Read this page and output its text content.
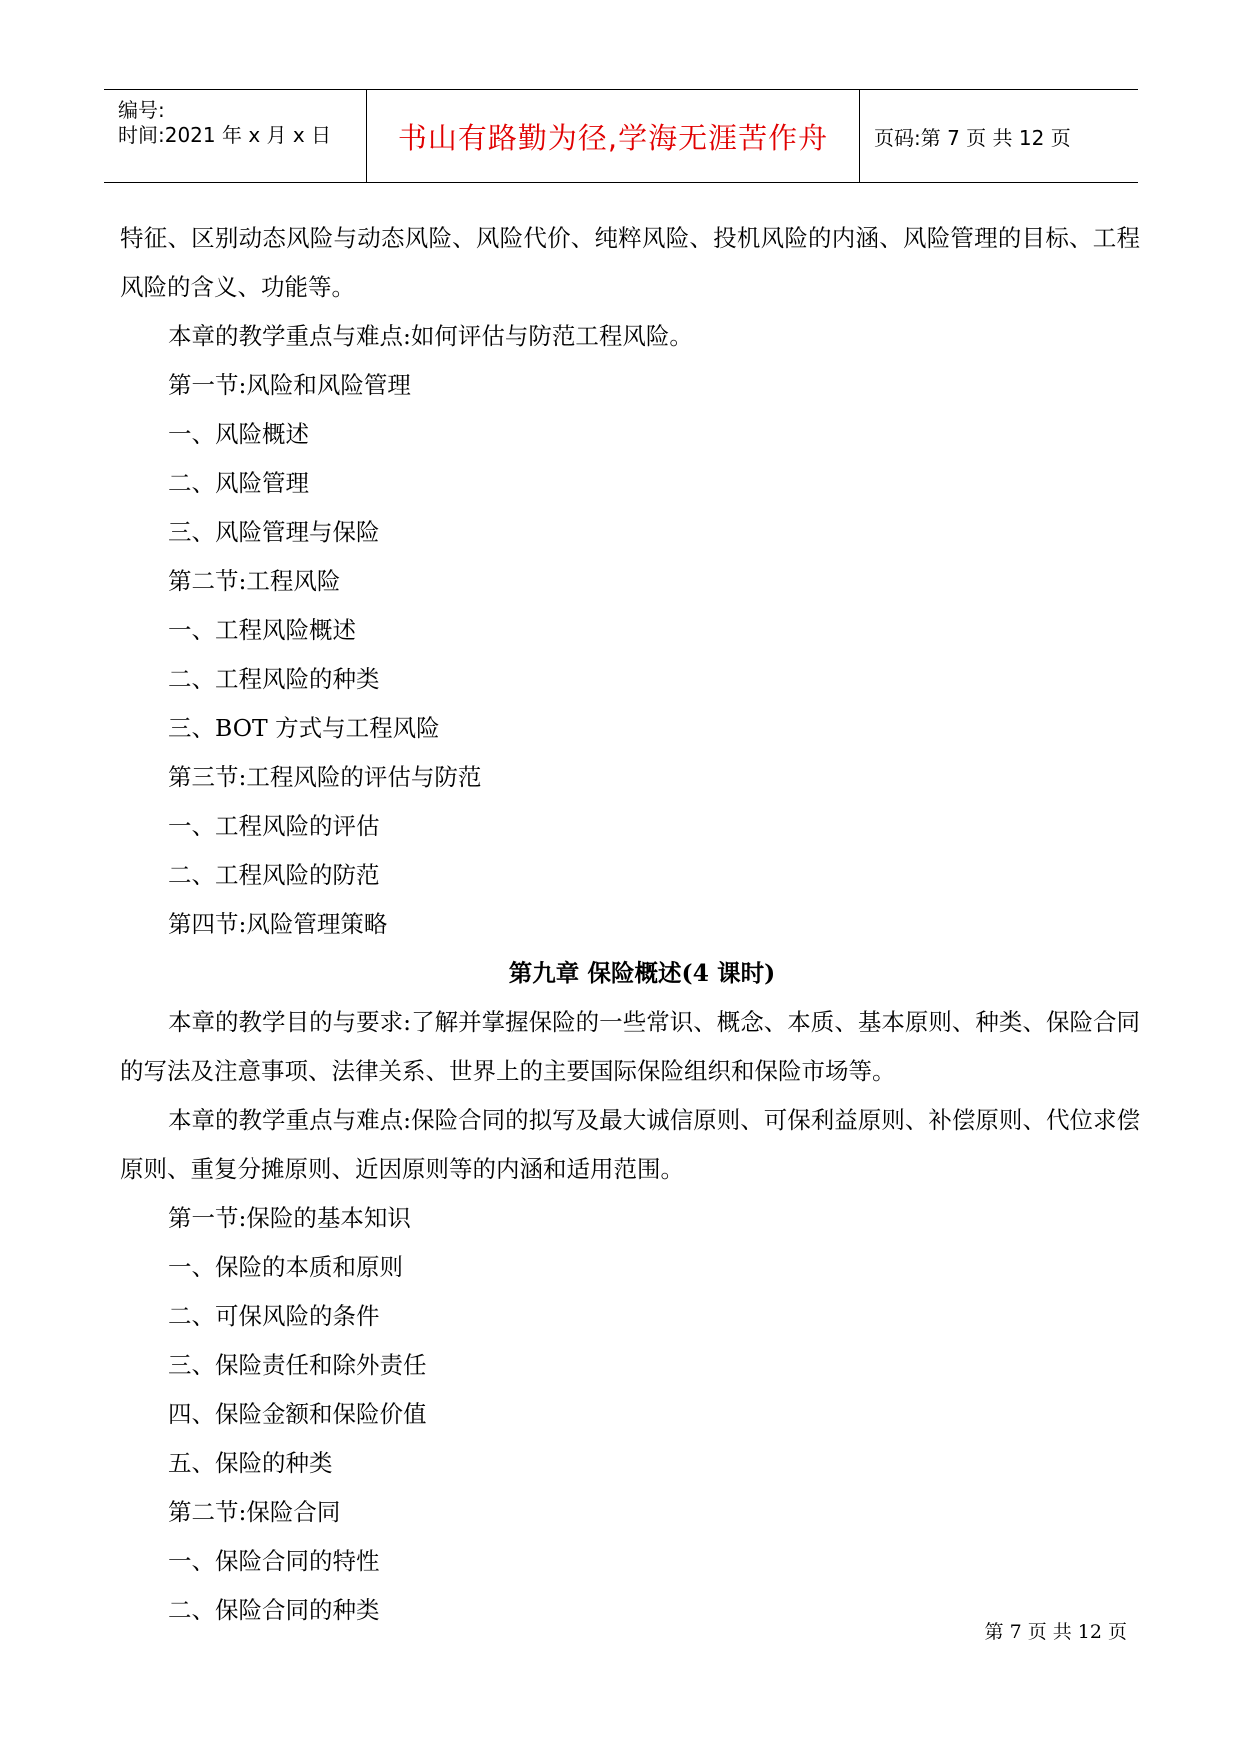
编号:
时间:2021 年 x 月 x 日 书山有路勤为径,学海无涯苦作舟 页码:第 7 页 共 12 页

特征、区别动态风险与动态风险、风险代价、纯粹风险、投机风险的内涵、风险管理的目标、工程风险的含义、功能等。

本章的教学重点与难点:如何评估与防范工程风险。

第一节:风险和风险管理

一、风险概述

二、风险管理

三、风险管理与保险

第二节:工程风险

一、工程风险概述

二、工程风险的种类

三、BOT 方式与工程风险

第三节:工程风险的评估与防范

一、工程风险的评估

二、工程风险的防范

第四节:风险管理策略

第九章 保险概述(4 课时)

本章的教学目的与要求:了解并掌握保险的一些常识、概念、本质、基本原则、种类、保险合同的写法及注意事项、法律关系、世界上的主要国际保险组织和保险市场等。

本章的教学重点与难点:保险合同的拟写及最大诚信原则、可保利益原则、补偿原则、代位求偿原则、重复分摊原则、近因原则等的内涵和适用范围。

第一节:保险的基本知识

一、保险的本质和原则

二、可保风险的条件

三、保险责任和除外责任

四、保险金额和保险价值

五、保险的种类

第二节:保险合同

一、保险合同的特性

二、保险合同的种类

第 7 页 共 12 页
